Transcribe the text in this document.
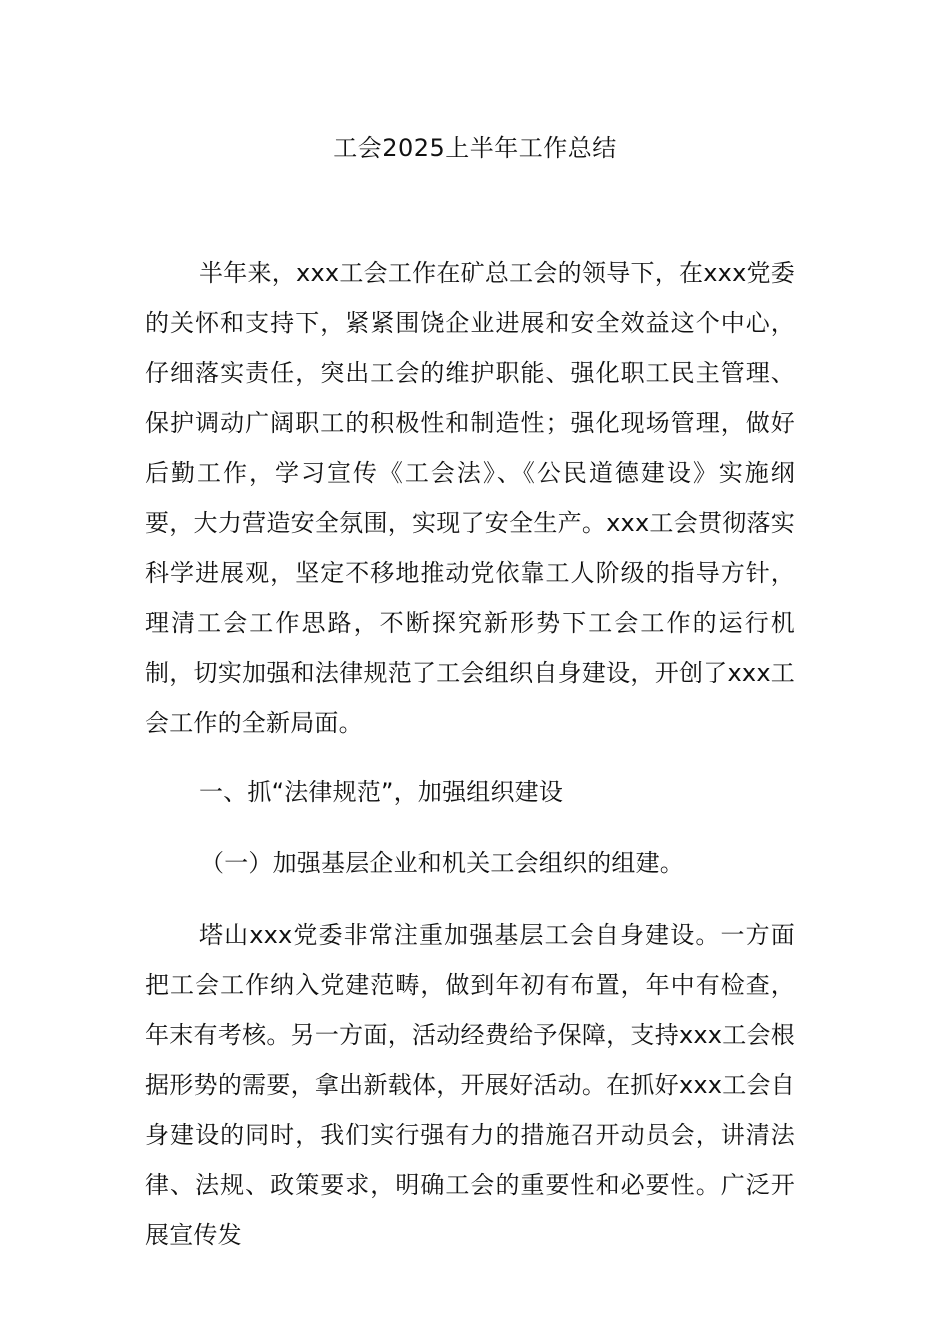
工会2025上半年工作总结

半年来，xxx工会工作在矿总工会的领导下，在xxx党委的关怀和支持下，紧紧围饶企业进展和安全效益这个中心，仔细落实责任，突出工会的维护职能、强化职工民主管理、保护调动广阔职工的积极性和制造性；强化现场管理，做好后勤工作，学习宣传《工会法》、《公民道德建设》实施纲要，大力营造安全氛围，实现了安全生产。xxx工会贯彻落实科学进展观，坚定不移地推动党依靠工人阶级的指导方针，理清工会工作思路，不断探究新形势下工会工作的运行机制，切实加强和法律规范了工会组织自身建设，开创了xxx工会工作的全新局面。

一、抓“法律规范”，加强组织建设

（一）加强基层企业和机关工会组织的组建。

塔山xxx党委非常注重加强基层工会自身建设。一方面把工会工作纳入党建范畴，做到年初有布置，年中有检查，年末有考核。另一方面，活动经费给予保障，支持xxx工会根据形势的需要，拿出新载体，开展好活动。在抓好xxx工会自身建设的同时，我们实行强有力的措施召开动员会，讲清法律、法规、政策要求，明确工会的重要性和必要性。广泛开展宣传发
